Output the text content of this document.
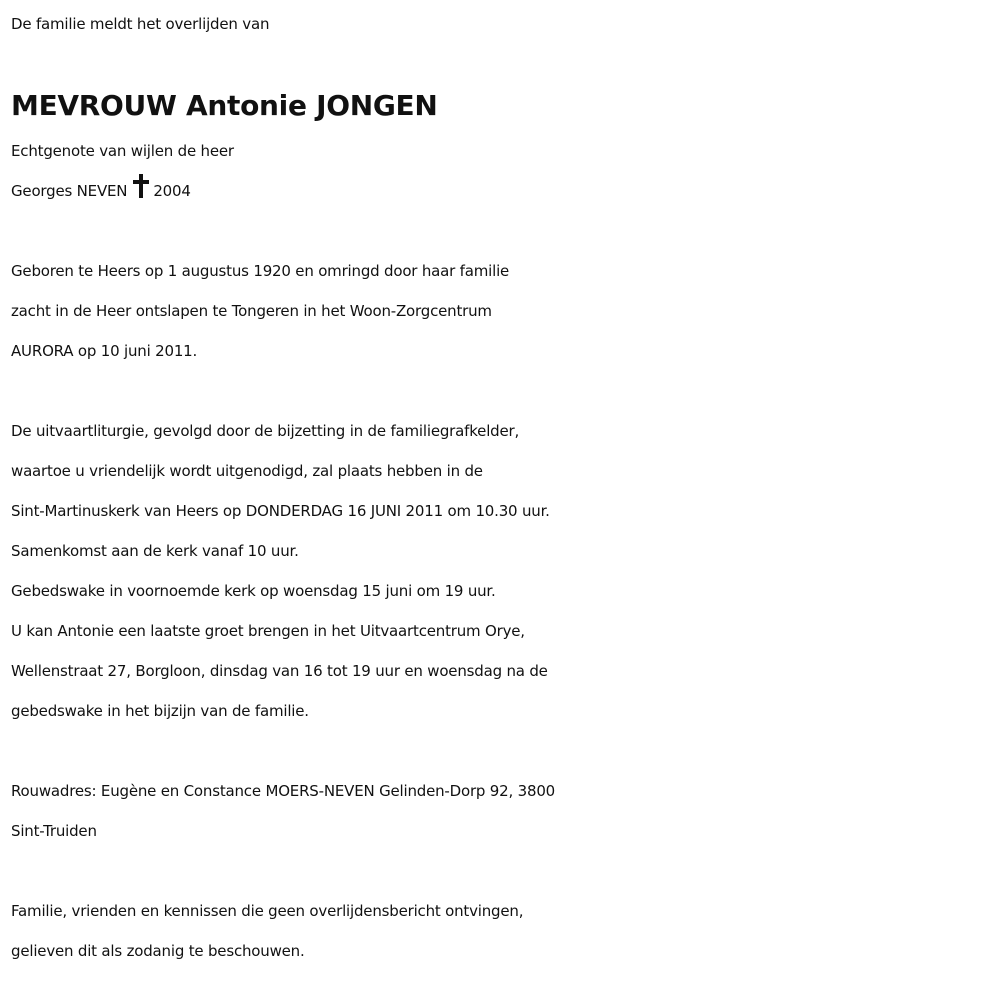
De familie meldt het overlijden van
MEVROUW Antonie JONGEN
Echtgenote van wijlen de heer
Georges NEVEN 2004
Geboren te Heers op 1 augustus 1920 en omringd door haar familie
zacht in de Heer ontslapen te Tongeren in het Woon-Zorgcentrum
AURORA op 10 juni 2011.
De uitvaartliturgie, gevolgd door de bijzetting in de familiegrafkelder,
waartoe u vriendelijk wordt uitgenodigd, zal plaats hebben in de
Sint-Martinuskerk van Heers op DONDERDAG 16 JUNI 2011 om 10.30 uur.
Samenkomst aan de kerk vanaf 10 uur.
Gebedswake in voornoemde kerk op woensdag 15 juni om 19 uur.
U kan Antonie een laatste groet brengen in het Uitvaartcentrum Orye,
Wellenstraat 27, Borgloon, dinsdag van 16 tot 19 uur en woensdag na de
gebedswake in het bijzijn van de familie.
Rouwadres: Eugène en Constance MOERS-NEVEN Gelinden-Dorp 92, 3800
Sint-Truiden
Familie, vrienden en kennissen die geen overlijdensbericht ontvingen,
gelieven dit als zodanig te beschouwen.
